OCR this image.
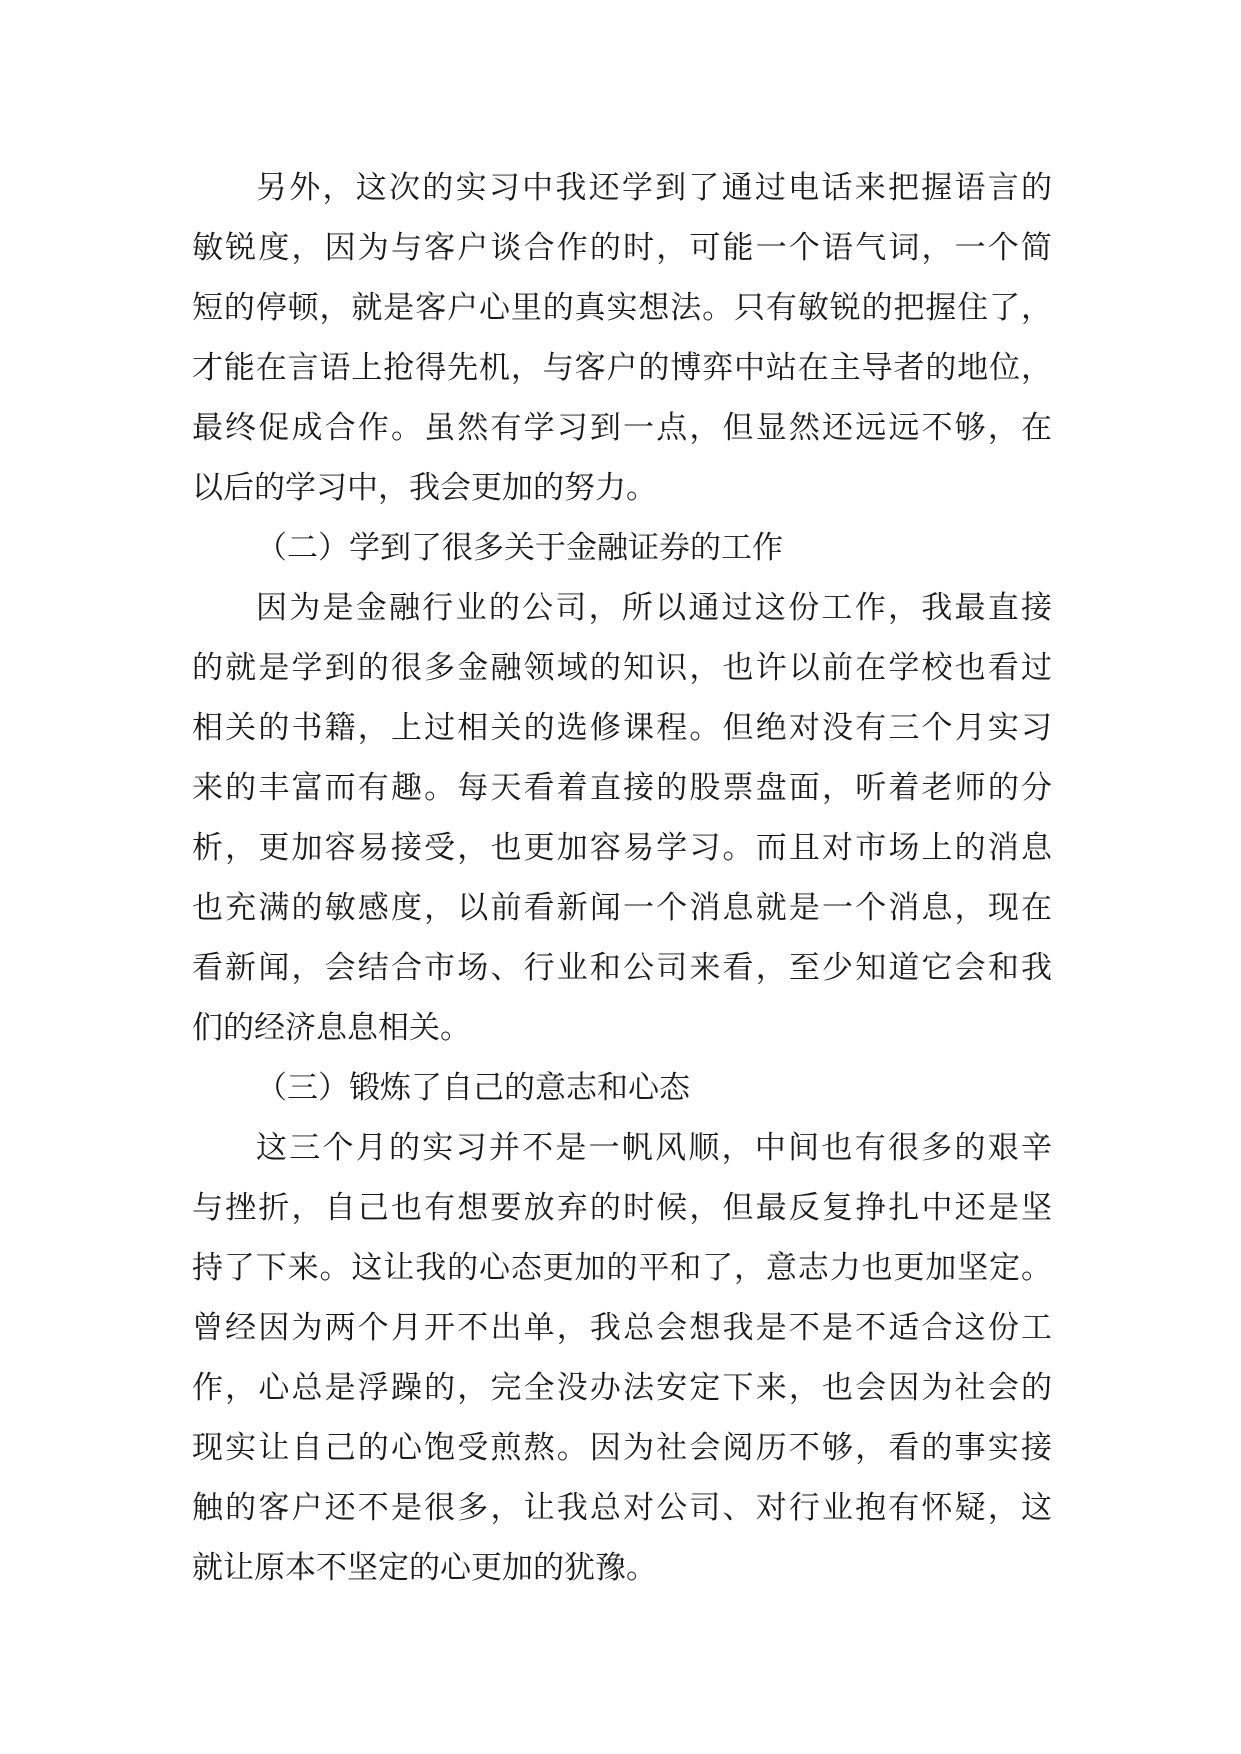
另外，这次的实习中我还学到了通过电话来把握语言的
敏锐度，因为与客户谈合作的时，可能一个语气词，一个简
短的停顿，就是客户心里的真实想法。只有敏锐的把握住了，
才能在言语上抢得先机，与客户的博弈中站在主导者的地位，
最终促成合作。虽然有学习到一点，但显然还远远不够，在
以后的学习中，我会更加的努力。
（二）学到了很多关于金融证券的工作
因为是金融行业的公司，所以通过这份工作，我最直接
的就是学到的很多金融领域的知识，也许以前在学校也看过
相关的书籍，上过相关的选修课程。但绝对没有三个月实习
来的丰富而有趣。每天看着直接的股票盘面，听着老师的分
析，更加容易接受，也更加容易学习。而且对市场上的消息
也充满的敏感度，以前看新闻一个消息就是一个消息，现在
看新闻，会结合市场、行业和公司来看，至少知道它会和我
们的经济息息相关。
（三）锻炼了自己的意志和心态
这三个月的实习并不是一帆风顺，中间也有很多的艰辛
与挫折，自己也有想要放弃的时候，但最反复挣扎中还是坚
持了下来。这让我的心态更加的平和了，意志力也更加坚定。
曾经因为两个月开不出单，我总会想我是不是不适合这份工
作，心总是浮躁的，完全没办法安定下来，也会因为社会的
现实让自己的心饱受煎熬。因为社会阅历不够，看的事实接
触的客户还不是很多，让我总对公司、对行业抱有怀疑，这
就让原本不坚定的心更加的犹豫。
